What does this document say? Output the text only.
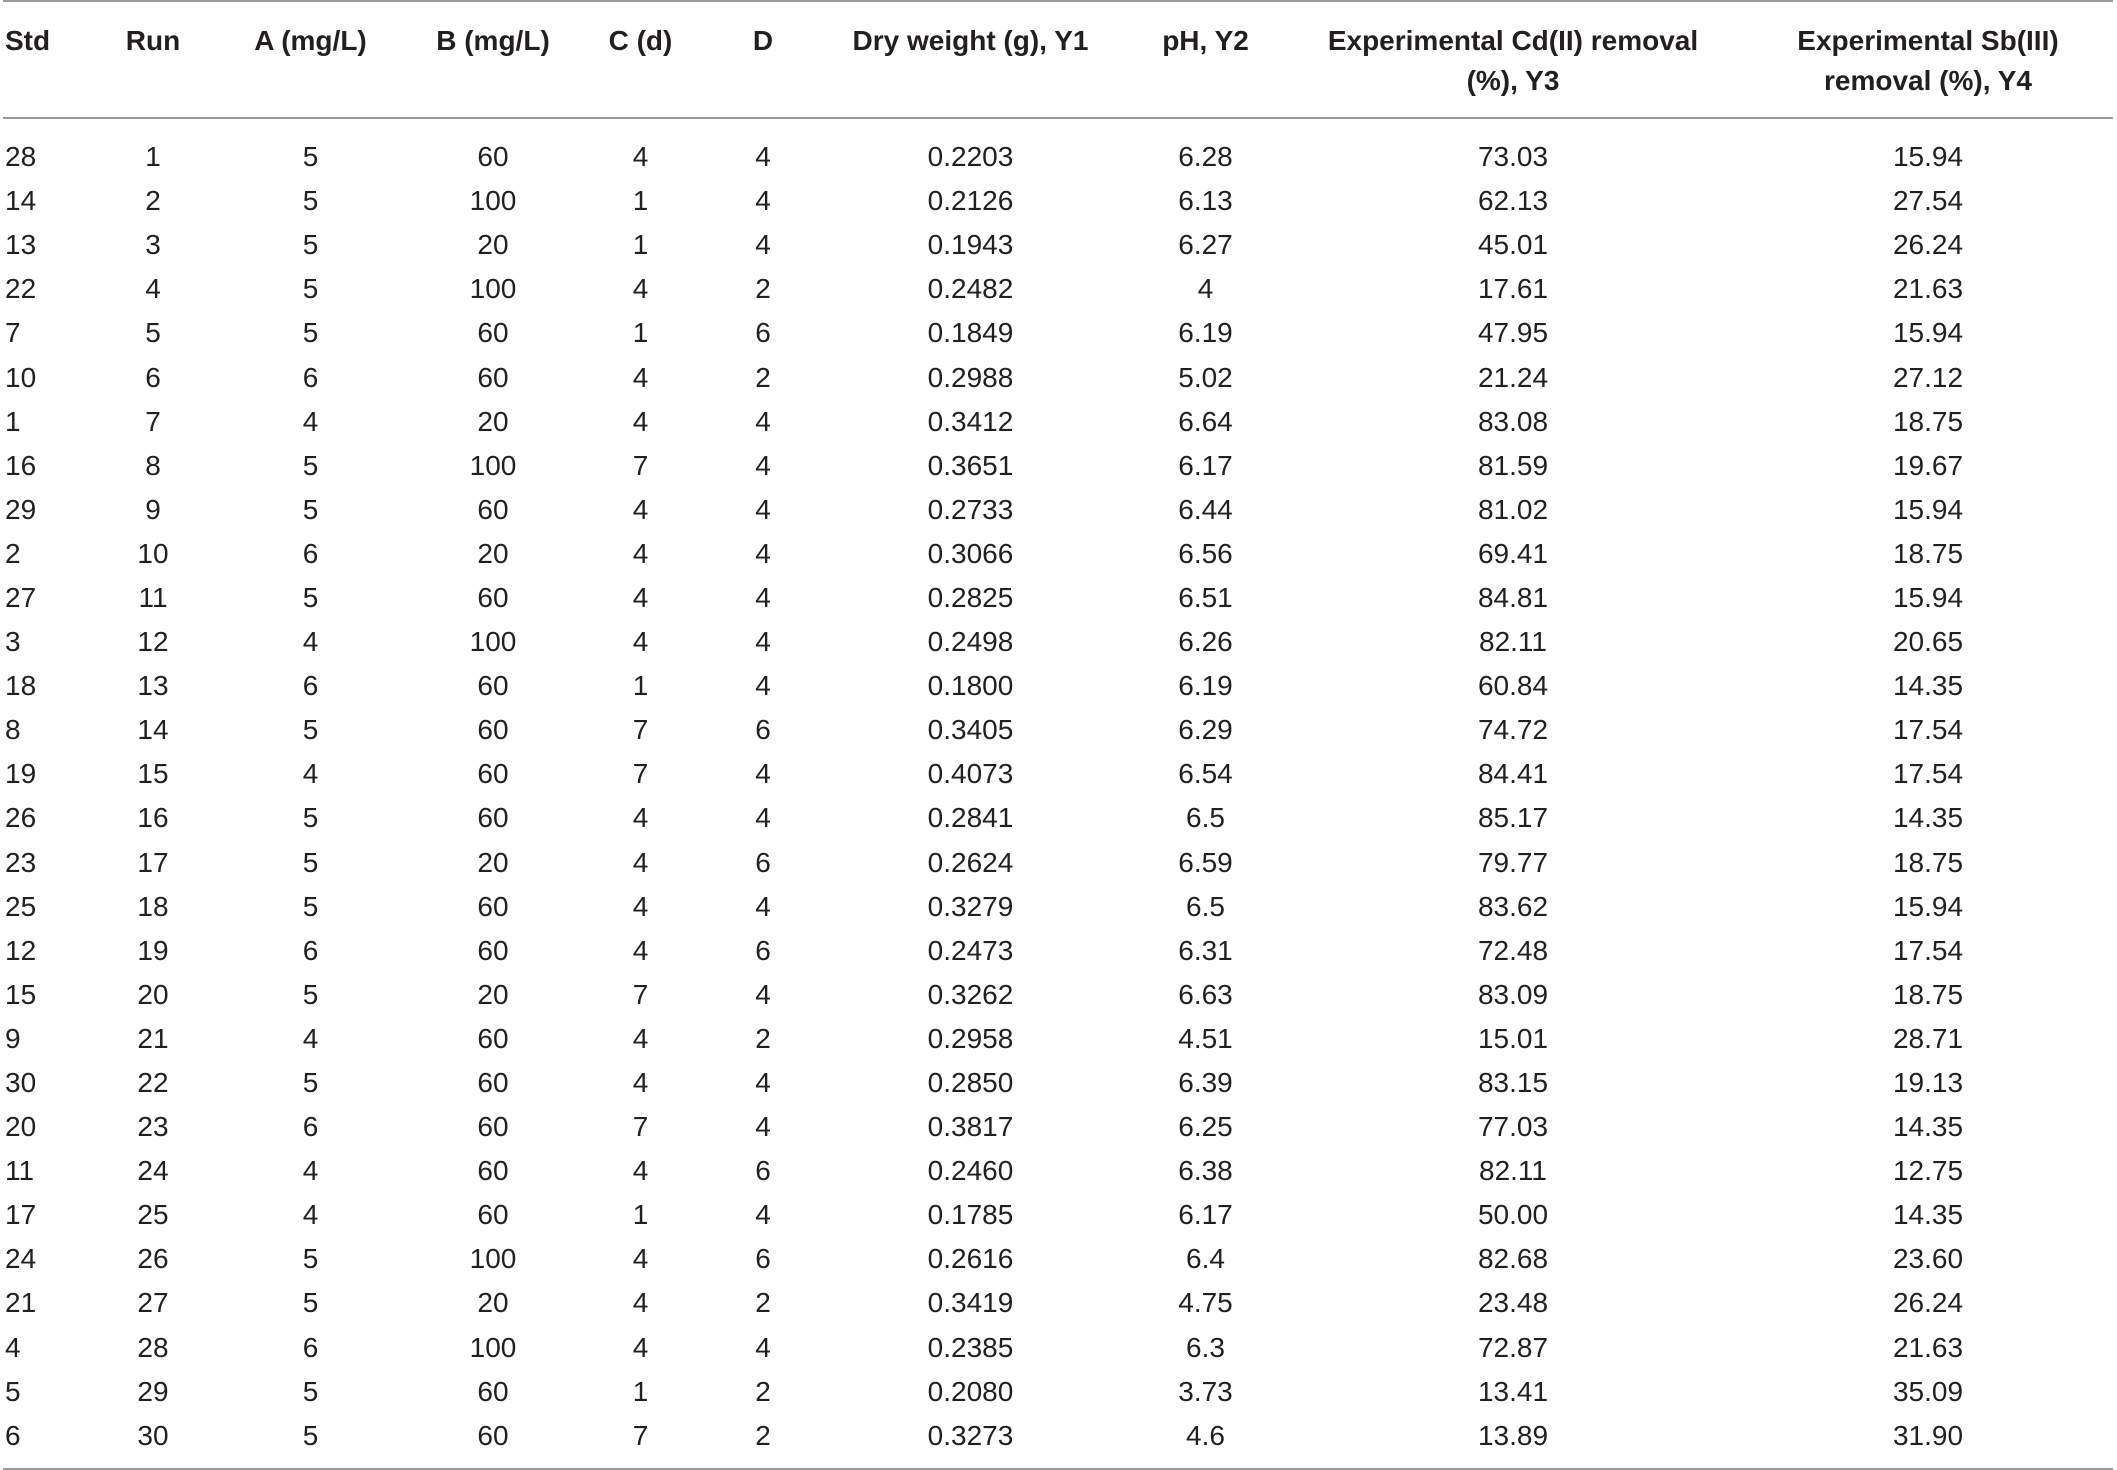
Std	Run	A (mg/L)	B (mg/L)	C (d)	D	Dry weight (g), Y1	pH, Y2	Experimental Cd(II) removal (%), Y3	Experimental Sb(III) removal (%), Y4
28	1	5	60	4	4	0.2203	6.28	73.03	15.94
14	2	5	100	1	4	0.2126	6.13	62.13	27.54
13	3	5	20	1	4	0.1943	6.27	45.01	26.24
22	4	5	100	4	2	0.2482	4	17.61	21.63
7	5	5	60	1	6	0.1849	6.19	47.95	15.94
10	6	6	60	4	2	0.2988	5.02	21.24	27.12
1	7	4	20	4	4	0.3412	6.64	83.08	18.75
16	8	5	100	7	4	0.3651	6.17	81.59	19.67
29	9	5	60	4	4	0.2733	6.44	81.02	15.94
2	10	6	20	4	4	0.3066	6.56	69.41	18.75
27	11	5	60	4	4	0.2825	6.51	84.81	15.94
3	12	4	100	4	4	0.2498	6.26	82.11	20.65
18	13	6	60	1	4	0.1800	6.19	60.84	14.35
8	14	5	60	7	6	0.3405	6.29	74.72	17.54
19	15	4	60	7	4	0.4073	6.54	84.41	17.54
26	16	5	60	4	4	0.2841	6.5	85.17	14.35
23	17	5	20	4	6	0.2624	6.59	79.77	18.75
25	18	5	60	4	4	0.3279	6.5	83.62	15.94
12	19	6	60	4	6	0.2473	6.31	72.48	17.54
15	20	5	20	7	4	0.3262	6.63	83.09	18.75
9	21	4	60	4	2	0.2958	4.51	15.01	28.71
30	22	5	60	4	4	0.2850	6.39	83.15	19.13
20	23	6	60	7	4	0.3817	6.25	77.03	14.35
11	24	4	60	4	6	0.2460	6.38	82.11	12.75
17	25	4	60	1	4	0.1785	6.17	50.00	14.35
24	26	5	100	4	6	0.2616	6.4	82.68	23.60
21	27	5	20	4	2	0.3419	4.75	23.48	26.24
4	28	6	100	4	4	0.2385	6.3	72.87	21.63
5	29	5	60	1	2	0.2080	3.73	13.41	35.09
6	30	5	60	7	2	0.3273	4.6	13.89	31.90
